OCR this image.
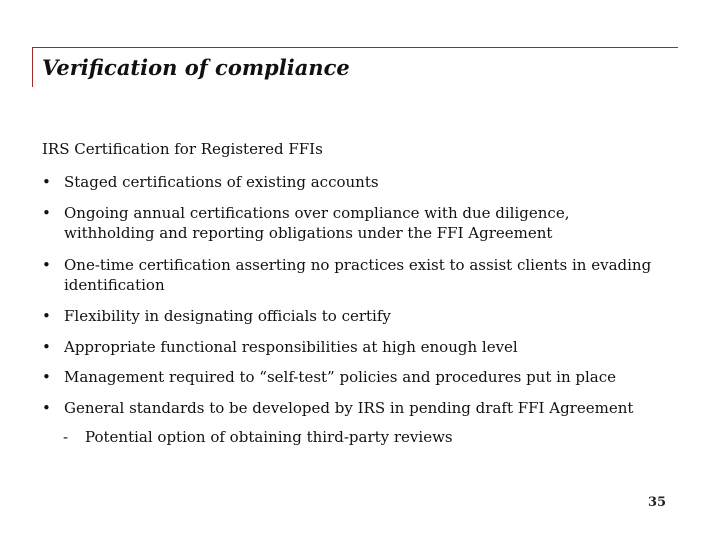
Verification of compliance

IRS Certification for Registered FFIs

• Staged certifications of existing accounts
• Ongoing annual certifications over compliance with due diligence,
withholding and reporting obligations under the FFI Agreement
• One-time certification asserting no practices exist to assist clients in evading
identification
• Flexibility in designating officials to certify
• Appropriate functional responsibilities at high enough level
• Management required to “self-test” policies and procedures put in place
• General standards to be developed by IRS in pending draft FFI Agreement

- Potential option of obtaining third-party reviews

35
